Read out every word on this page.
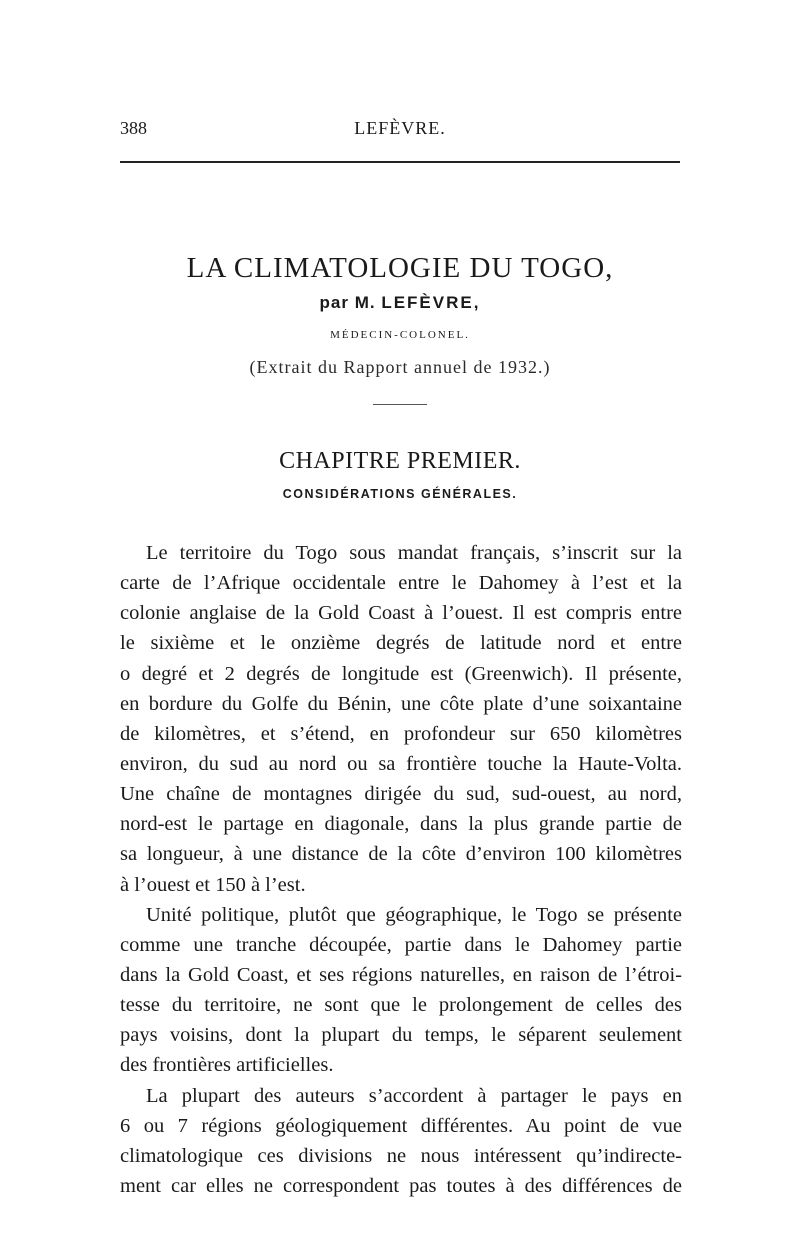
388	LEFÈVRE.
LA CLIMATOLOGIE DU TOGO,
par M. LEFÈVRE,
MÉDECIN-COLONEL.
(Extrait du Rapport annuel de 1932.)
CHAPITRE PREMIER.
CONSIDÉRATIONS GÉNÉRALES.
Le territoire du Togo sous mandat français, s’inscrit sur la
carte de l’Afrique occidentale entre le Dahomey à l’est et la
colonie anglaise de la Gold Coast à l’ouest. Il est compris entre
le sixième et le onzième degrés de latitude nord et entre
o degré et 2 degrés de longitude est (Greenwich). Il présente,
en bordure du Golfe du Bénin, une côte plate d’une soixantaine
de kilomètres, et s’étend, en profondeur sur 650 kilomètres
environ, du sud au nord ou sa frontière touche la Haute-Volta.
Une chaîne de montagnes dirigée du sud, sud-ouest, au nord,
nord-est le partage en diagonale, dans la plus grande partie de
sa longueur, à une distance de la côte d’environ 100 kilomètres
à l’ouest et 150 à l’est.
Unité politique, plutôt que géographique, le Togo se présente
comme une tranche découpée, partie dans le Dahomey partie
dans la Gold Coast, et ses régions naturelles, en raison de l’étroi-
tesse du territoire, ne sont que le prolongement de celles des
pays voisins, dont la plupart du temps, le séparent seulement
des frontières artificielles.
La plupart des auteurs s’accordent à partager le pays en
6 ou 7 régions géologiquement différentes. Au point de vue
climatologique ces divisions ne nous intéressent qu’indirecte-
ment car elles ne correspondent pas toutes à des différences de
